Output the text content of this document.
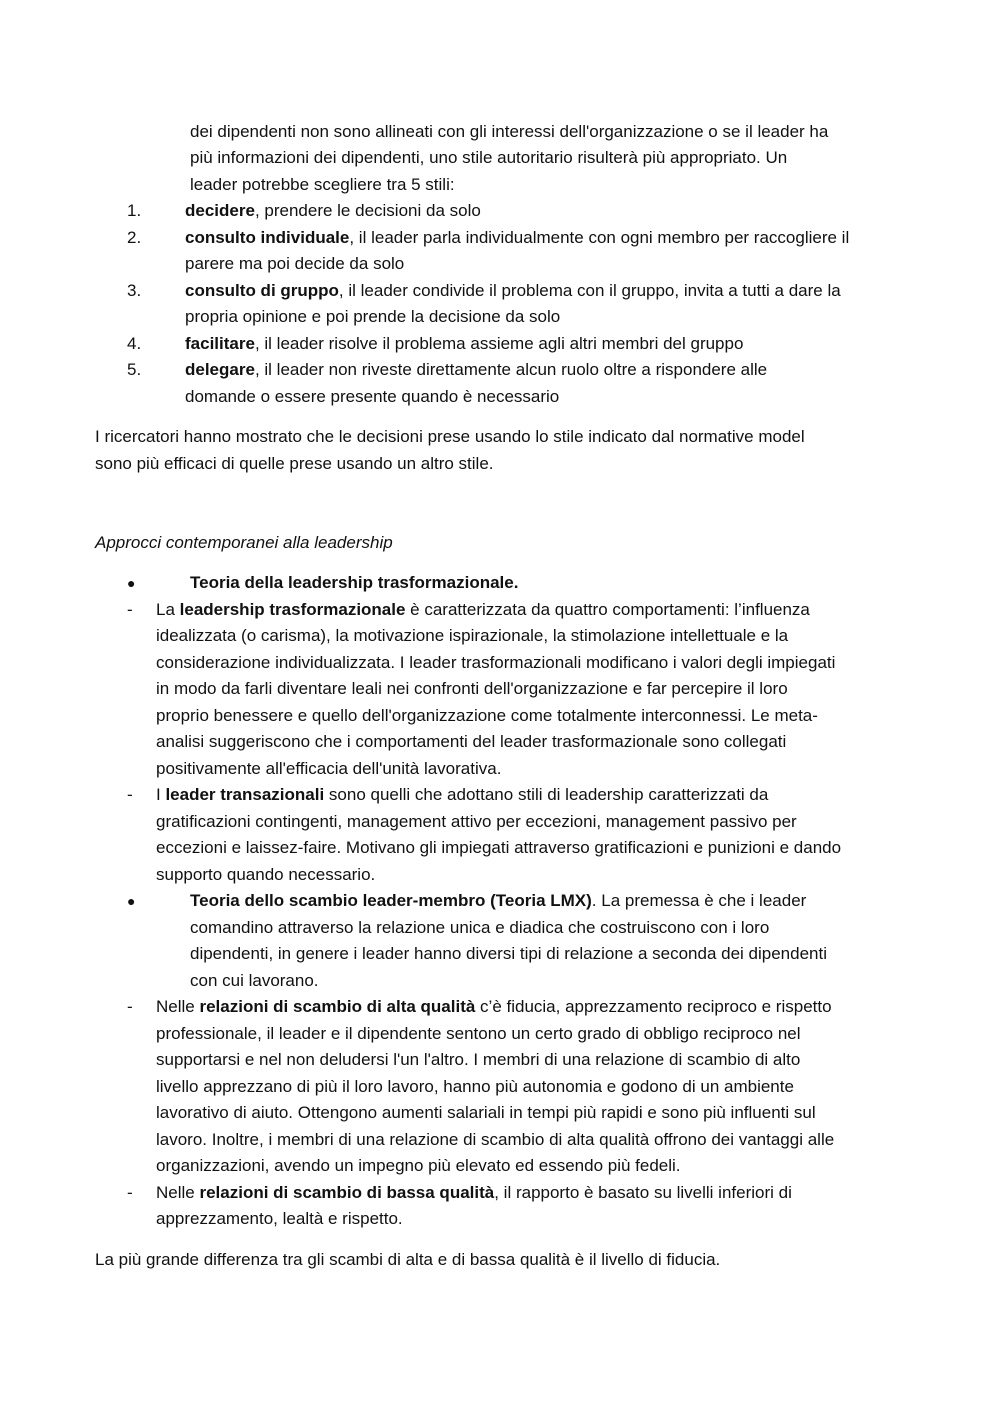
dei dipendenti non sono allineati con gli interessi dell'organizzazione o se il leader ha
più informazioni dei dipendenti, uno stile autoritario risulterà più appropriato. Un
leader potrebbe scegliere tra 5 stili:
1.	decidere, prendere le decisioni da solo
2.	consulto individuale, il leader parla individualmente con ogni membro per raccogliere il
parere ma poi decide da solo
3.	consulto di gruppo, il leader condivide il problema con il gruppo, invita a tutti a dare la
propria opinione e poi prende la decisione da solo
4.	facilitare, il leader risolve il problema assieme agli altri membri del gruppo
5.	delegare, il leader non riveste direttamente alcun ruolo oltre a rispondere alle
domande o essere presente quando è necessario
I ricercatori hanno mostrato che le decisioni prese usando lo stile indicato dal normative model
sono più efficaci di quelle prese usando un altro stile.
Approcci contemporanei alla leadership
●	Teoria della leadership trasformazionale.
- La leadership trasformazionale è caratterizzata da quattro comportamenti: l’influenza
idealizzata (o carisma), la motivazione ispirazionale, la stimolazione intellettuale e la
considerazione individualizzata. I leader trasformazionali modificano i valori degli impiegati
in modo da farli diventare leali nei confronti dell'organizzazione e far percepire il loro
proprio benessere e quello dell'organizzazione come totalmente interconnessi. Le meta-
analisi suggeriscono che i comportamenti del leader trasformazionale sono collegati
positivamente all'efficacia dell'unità lavorativa.
- I leader transazionali sono quelli che adottano stili di leadership caratterizzati da
gratificazioni contingenti, management attivo per eccezioni, management passivo per
eccezioni e laissez-faire. Motivano gli impiegati attraverso gratificazioni e punizioni e dando
supporto quando necessario.
●	Teoria dello scambio leader-membro (Teoria LMX). La premessa è che i leader
comandino attraverso la relazione unica e diadica che costruiscono con i loro
dipendenti, in genere i leader hanno diversi tipi di relazione a seconda dei dipendenti
con cui lavorano.
- Nelle relazioni di scambio di alta qualità c’è fiducia, apprezzamento reciproco e rispetto
professionale, il leader e il dipendente sentono un certo grado di obbligo reciproco nel
supportarsi e nel non deludersi l'un l'altro. I membri di una relazione di scambio di alto
livello apprezzano di più il loro lavoro, hanno più autonomia e godono di un ambiente
lavorativo di aiuto. Ottengono aumenti salariali in tempi più rapidi e sono più influenti sul
lavoro. Inoltre, i membri di una relazione di scambio di alta qualità offrono dei vantaggi alle
organizzazioni, avendo un impegno più elevato ed essendo più fedeli.
- Nelle relazioni di scambio di bassa qualità, il rapporto è basato su livelli inferiori di
apprezzamento, lealtà e rispetto.
La più grande differenza tra gli scambi di alta e di bassa qualità è il livello di fiducia.
